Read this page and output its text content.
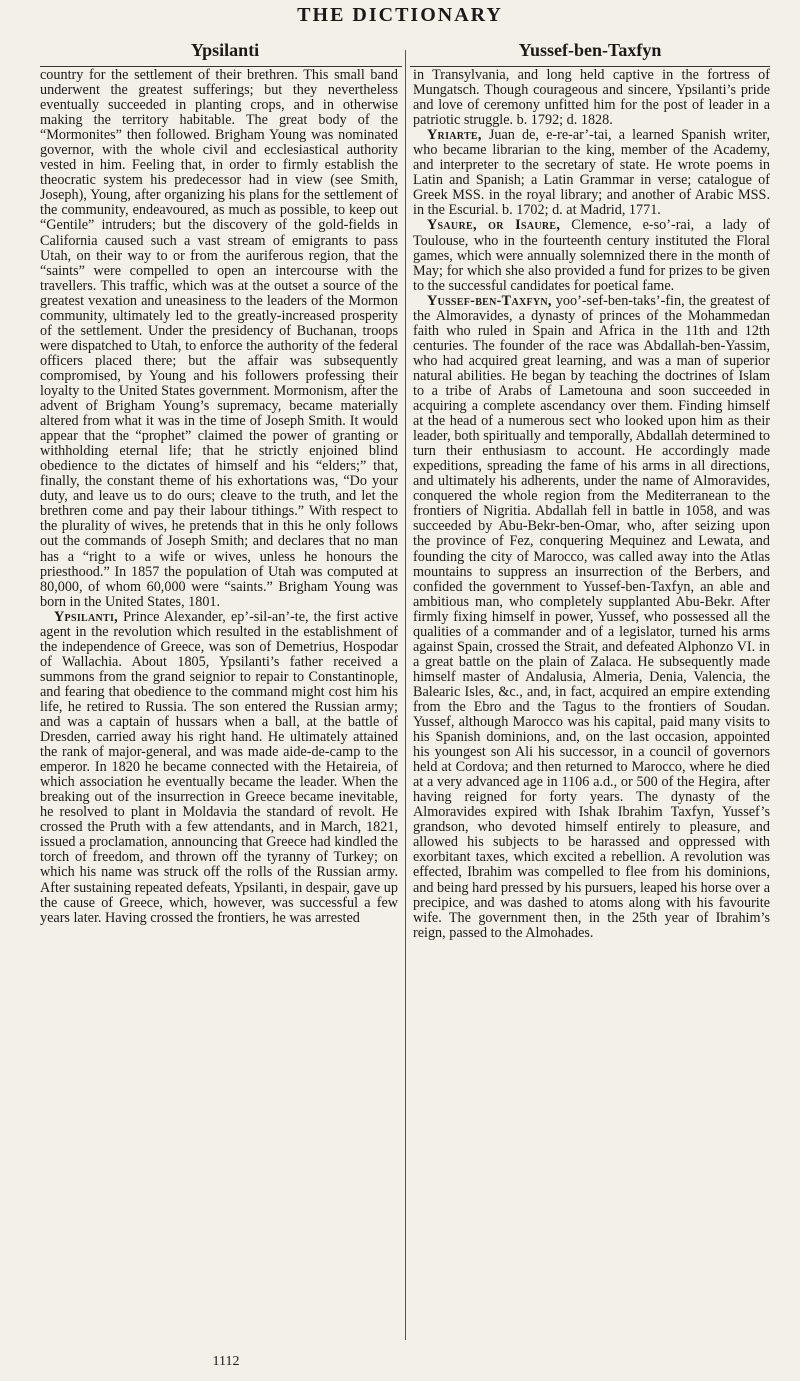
THE DICTIONARY
Ypsilanti	Yussef-ben-Taxfyn

country for the settlement of their brethren. This small band underwent the greatest sufferings; but they nevertheless eventually succeeded in planting crops, and in otherwise making the territory habitable. The great body of the “Mormonites” then followed. Brigham Young was nominated governor, with the whole civil and ecclesiastical authority vested in him. Feeling that, in order to firmly establish the theocratic system his predecessor had in view (see Smith, Joseph), Young, after organizing his plans for the settlement of the community, endeavoured, as much as possible, to keep out “Gentile” intruders; but the discovery of the gold-fields in California caused such a vast stream of emigrants to pass Utah, on their way to or from the auriferous region, that the “saints” were compelled to open an intercourse with the travellers. This traffic, which was at the outset a source of the greatest vexation and uneasiness to the leaders of the Mormon community, ultimately led to the greatly-increased prosperity of the settlement. Under the presidency of Buchanan, troops were dispatched to Utah, to enforce the authority of the federal officers placed there; but the affair was subsequently compromised, by Young and his followers professing their loyalty to the United States government. Mormonism, after the advent of Brigham Young’s supremacy, became materially altered from what it was in the time of Joseph Smith. It would appear that the “prophet” claimed the power of granting or withholding eternal life; that he strictly enjoined blind obedience to the dictates of himself and his “elders;” that, finally, the constant theme of his exhortations was, “Do your duty, and leave us to do ours; cleave to the truth, and let the brethren come and pay their labour tithings.” With respect to the plurality of wives, he pretends that in this he only follows out the commands of Joseph Smith; and declares that no man has a “right to a wife or wives, unless he honours the priesthood.” In 1857 the population of Utah was computed at 80,000, of whom 60,000 were “saints.” Brigham Young was born in the United States, 1801.

Ypsilanti, Prince Alexander, ep’-sil-an’-te, the first active agent in the revolution which resulted in the establishment of the independence of Greece, was son of Demetrius, Hospodar of Wallachia. About 1805, Ypsilanti’s father received a summons from the grand seignior to repair to Constantinople, and fearing that obedience to the command might cost him his life, he retired to Russia. The son entered the Russian army; and was a captain of hussars when a ball, at the battle of Dresden, carried away his right hand. He ultimately attained the rank of major-general, and was made aide-de-camp to the emperor. In 1820 he became connected with the Hetaireia, of which association he eventually became the leader. When the breaking out of the insurrection in Greece became inevitable, he resolved to plant in Moldavia the standard of revolt. He crossed the Pruth with a few attendants, and in March, 1821, issued a proclamation, announcing that Greece had kindled the torch of freedom, and thrown off the tyranny of Turkey; on which his name was struck off the rolls of the Russian army. After sustaining repeated defeats, Ypsilanti, in despair, gave up the cause of Greece, which, however, was successful a few years later. Having crossed the frontiers, he was arrested

in Transylvania, and long held captive in the fortress of Mungatsch. Though courageous and sincere, Ypsilanti’s pride and love of ceremony unfitted him for the post of leader in a patriotic struggle. b. 1792; d. 1828.

Yriarte, Juan de, e-re-ar’-tai, a learned Spanish writer, who became librarian to the king, member of the Academy, and interpreter to the secretary of state. He wrote poems in Latin and Spanish; a Latin Grammar in verse; catalogue of Greek MSS. in the royal library; and another of Arabic MSS. in the Escurial. b. 1702; d. at Madrid, 1771.

Ysaure, or Isaure, Clemence, e-so’-rai, a lady of Toulouse, who in the fourteenth century instituted the Floral games, which were annually solemnized there in the month of May; for which she also provided a fund for prizes to be given to the successful candidates for poetical fame.

Yussef-ben-Taxfyn, yoo’-sef-ben-taks’-fin, the greatest of the Almoravides, a dynasty of princes of the Mohammedan faith who ruled in Spain and Africa in the 11th and 12th centuries. The founder of the race was Abdallah-ben-Yassim, who had acquired great learning, and was a man of superior natural abilities. He began by teaching the doctrines of Islam to a tribe of Arabs of Lametouna and soon succeeded in acquiring a complete ascendancy over them. Finding himself at the head of a numerous sect who looked upon him as their leader, both spiritually and temporally, Abdallah determined to turn their enthusiasm to account. He accordingly made expeditions, spreading the fame of his arms in all directions, and ultimately his adherents, under the name of Almoravides, conquered the whole region from the Mediterranean to the frontiers of Nigritia. Abdallah fell in battle in 1058, and was succeeded by Abu-Bekr-ben-Omar, who, after seizing upon the province of Fez, conquering Mequinez and Lewata, and founding the city of Marocco, was called away into the Atlas mountains to suppress an insurrection of the Berbers, and confided the government to Yussef-ben-Taxfyn, an able and ambitious man, who completely supplanted Abu-Bekr. After firmly fixing himself in power, Yussef, who possessed all the qualities of a commander and of a legislator, turned his arms against Spain, crossed the Strait, and defeated Alphonzo VI. in a great battle on the plain of Zalaca. He subsequently made himself master of Andalusia, Almeria, Denia, Valencia, the Balearic Isles, &c., and, in fact, acquired an empire extending from the Ebro and the Tagus to the frontiers of Soudan. Yussef, although Marocco was his capital, paid many visits to his Spanish dominions, and, on the last occasion, appointed his youngest son Ali his successor, in a council of governors held at Cordova; and then returned to Marocco, where he died at a very advanced age in 1106 a.d., or 500 of the Hegira, after having reigned for forty years. The dynasty of the Almoravides expired with Ishak Ibrahim Taxfyn, Yussef’s grandson, who devoted himself entirely to pleasure, and allowed his subjects to be harassed and oppressed with exorbitant taxes, which excited a rebellion. A revolution was effected, Ibrahim was compelled to flee from his dominions, and being hard pressed by his pursuers, leaped his horse over a precipice, and was dashed to atoms along with his favourite wife. The government then, in the 25th year of Ibrahim’s reign, passed to the Almohades.

1112
